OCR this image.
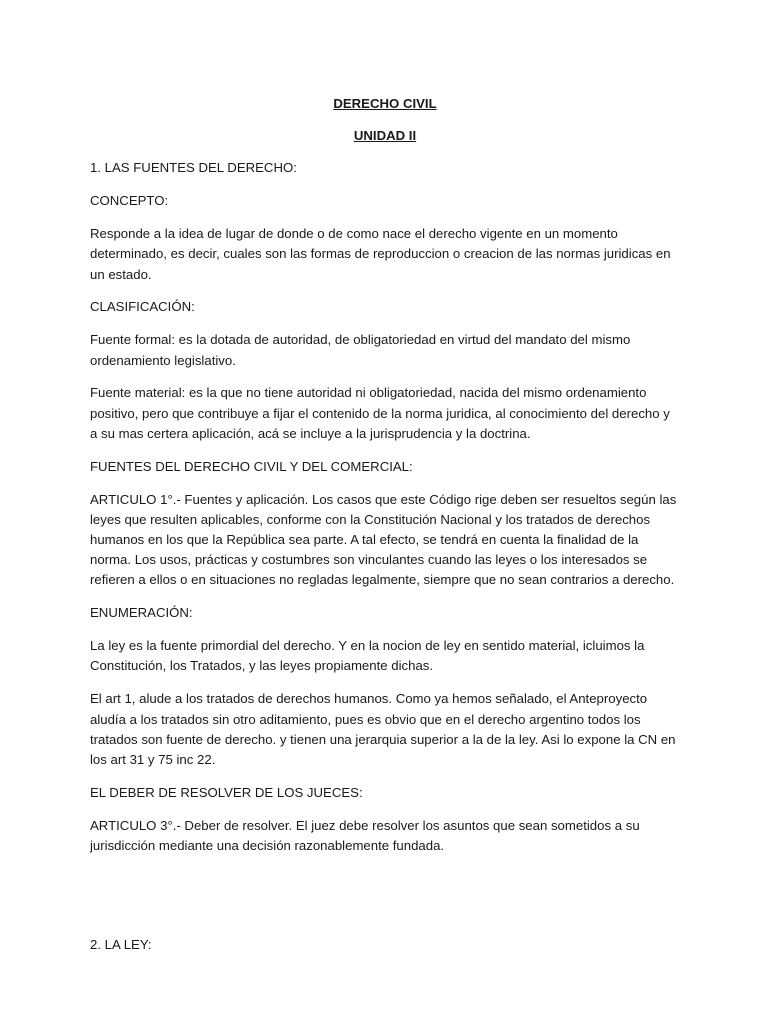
DERECHO CIVIL

UNIDAD II

1. LAS FUENTES DEL DERECHO:

CONCEPTO:

Responde a la idea de lugar de donde o de como nace el derecho vigente en un momento determinado, es decir, cuales son las formas de reproduccion o creacion de las normas juridicas en un estado.

CLASIFICACIÓN:

Fuente formal: es la dotada de autoridad, de obligatoriedad en virtud del mandato del mismo ordenamiento legislativo.

Fuente material: es la que no tiene autoridad ni obligatoriedad, nacida del mismo ordenamiento positivo, pero que contribuye a fijar el contenido de la norma juridica, al conocimiento del derecho y a su mas certera aplicación, acá se incluye a la jurisprudencia y la doctrina.

FUENTES DEL DERECHO CIVIL Y DEL COMERCIAL:

ARTICULO 1°.- Fuentes y aplicación. Los casos que este Código rige deben ser resueltos según las leyes que resulten aplicables, conforme con la Constitución Nacional y los tratados de derechos humanos en los que la República sea parte. A tal efecto, se tendrá en cuenta la finalidad de la norma. Los usos, prácticas y costumbres son vinculantes cuando las leyes o los interesados se refieren a ellos o en situaciones no regladas legalmente, siempre que no sean contrarios a derecho.

ENUMERACIÓN:

La ley es la fuente primordial del derecho. Y en la nocion de ley en sentido material, icluimos la Constitución, los Tratados, y las leyes propiamente dichas.

El art 1, alude a los tratados de derechos humanos. Como ya hemos señalado, el Anteproyecto aludía a los tratados sin otro aditamiento, pues es obvio que en el derecho argentino todos los tratados son fuente de derecho. y tienen una jerarquia superior a la de la ley. Asi lo expone la CN en los art 31 y 75 inc 22.

EL DEBER DE RESOLVER DE LOS JUECES:

ARTICULO 3°.- Deber de resolver. El juez debe resolver los asuntos que sean sometidos a su jurisdicción mediante una decisión razonablemente fundada.

2. LA LEY:
